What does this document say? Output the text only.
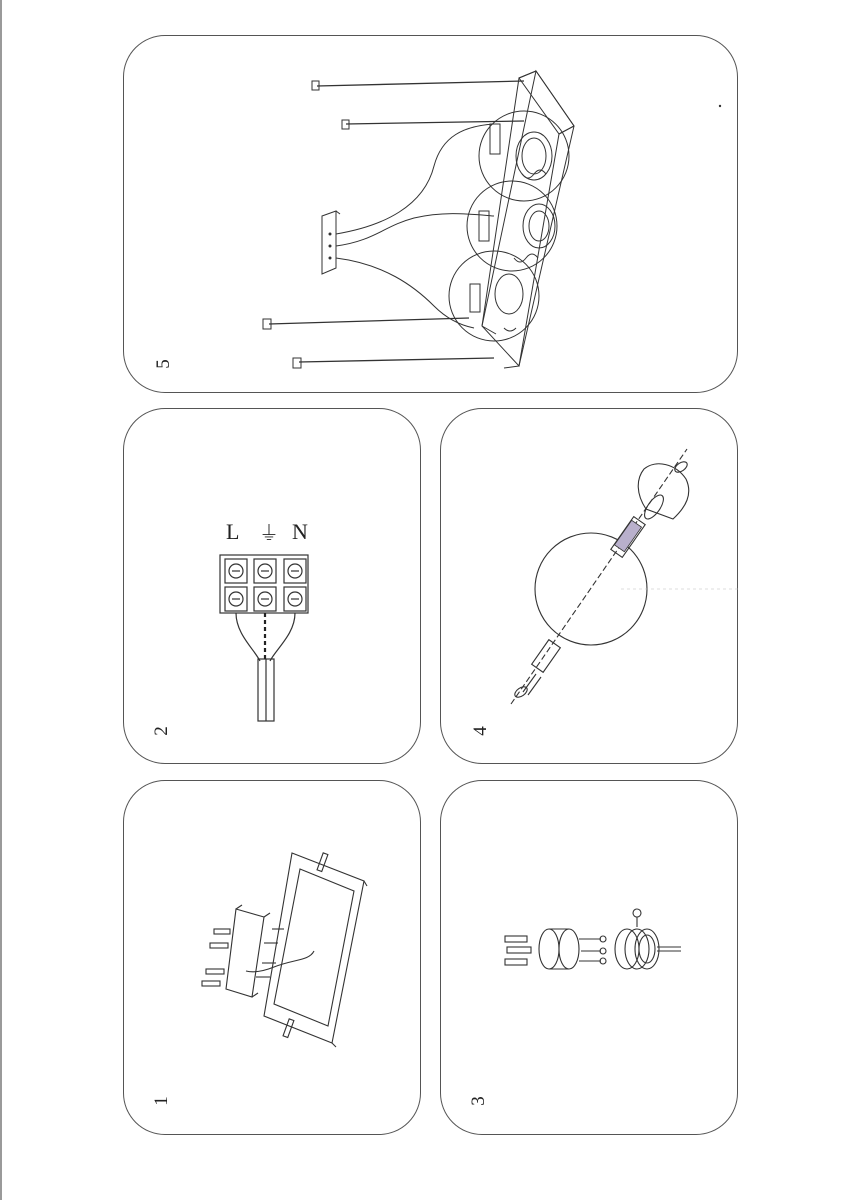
5
2
L ⏚ N
4
1	3
